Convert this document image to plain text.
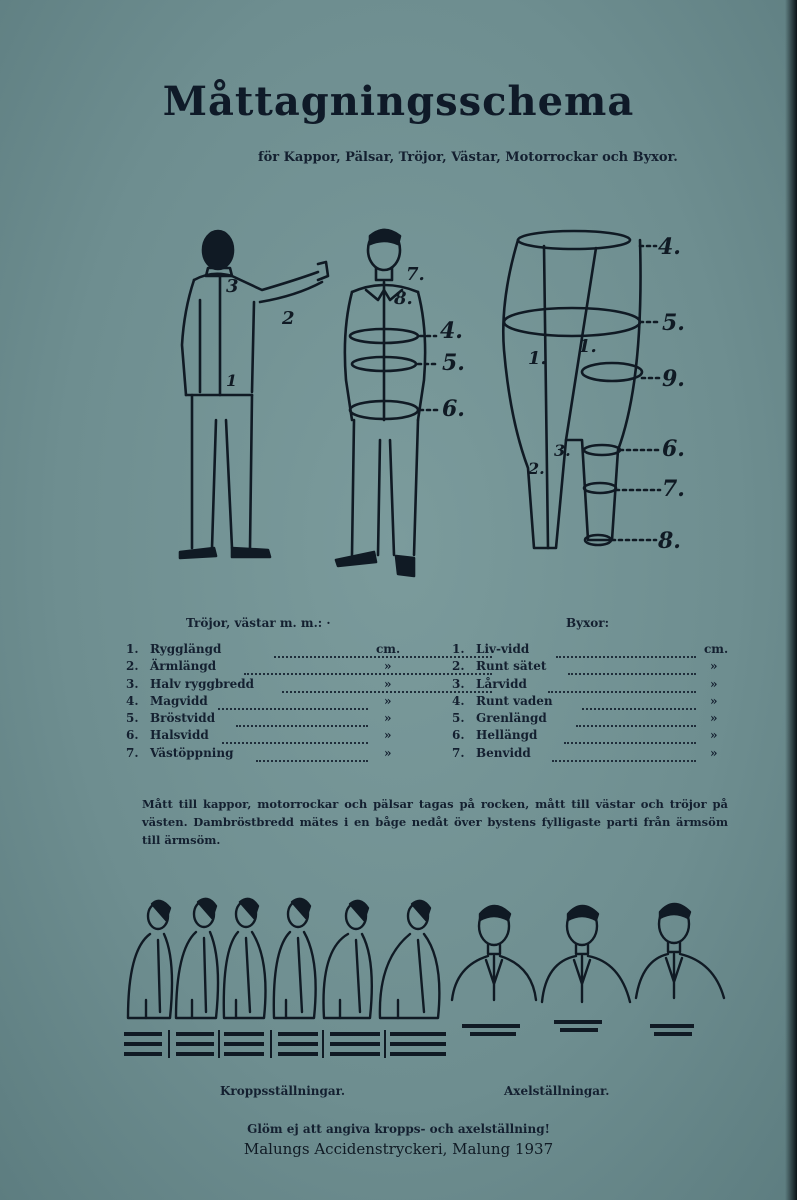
Måttagningsschema
för Kappor, Pälsar, Tröjor, Västar, Motorrockar och Byxor.
3
2
1
7.
8.
4.
5.
6.
4.
5.
9.
6.
7.
8.
1.
1.
2.
3.
Tröjor, västar m. m.: ·
1. Rygglängd	cm.
2. Ärmlängd	»
3. Halv ryggbredd	»
4. Magvidd	»
5. Bröstvidd	»
6. Halsvidd	»
7. Västöppning	»
Byxor:
1. Liv-vidd	cm.
2. Runt sätet	»
3. Lårvidd	»
4. Runt vaden	»
5. Grenlängd	»
6. Hellängd	»
7. Benvidd	»
Mått till kappor, motorrockar och pälsar tagas på rocken, mått till västar och tröjor på västen. Dambröstbredd mätes i en båge nedåt över bystens fylligaste parti från ärmsöm till ärmsöm.
Kroppsställningar.	Axelställningar.
Glöm ej att angiva kropps- och axelställning!
Malungs Accidenstryckeri, Malung 1937
